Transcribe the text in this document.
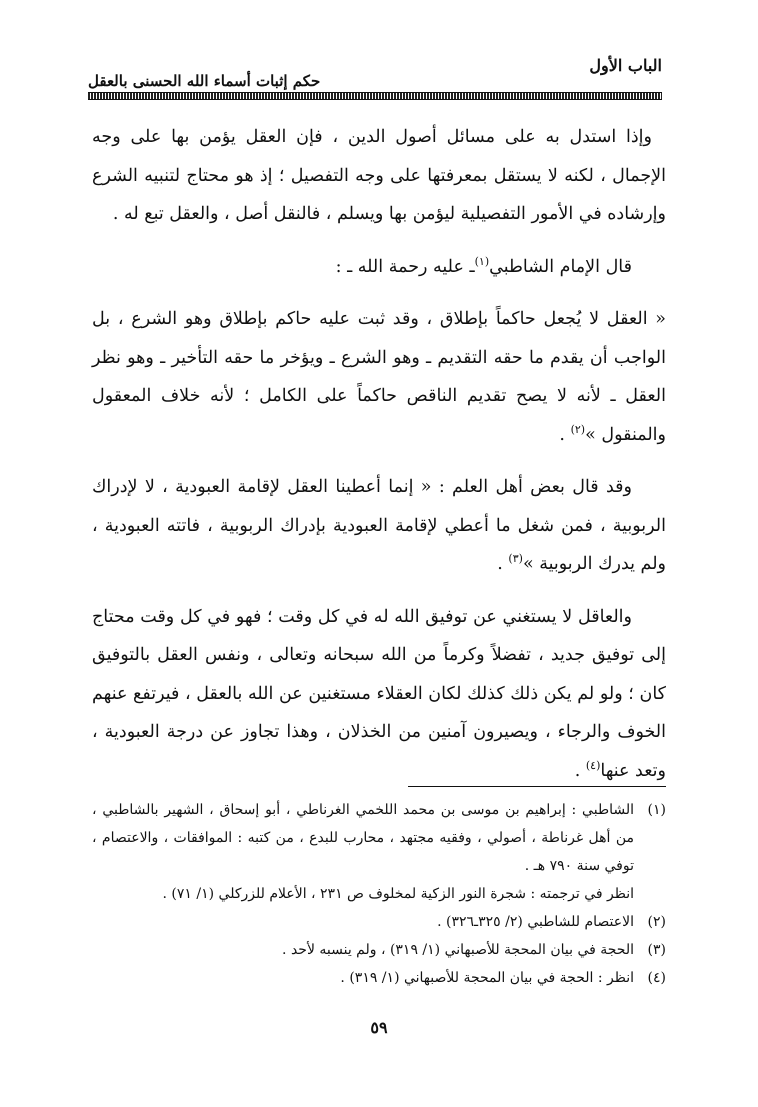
الباب الأول
حكم إثبات أسماء الله الحسنى بالعقل

وإذا استدل به على مسائل أصول الدين ، فإن العقل يؤمن بها على وجه الإجمال ، لكنه لا يستقل بمعرفتها على وجه التفصيل ؛ إذ هو محتاج لتنبيه الشرع وإرشاده في الأمور التفصيلية ليؤمن بها ويسلم ، فالنقل أصل ، والعقل تبع له .

قال الإمام الشاطبي$^{(١)}$ـ عليه رحمة الله ـ :

« العقل لا يُجعل حاكماً بإطلاق ، وقد ثبت عليه حاكم بإطلاق وهو الشرع ، بل الواجب أن يقدم ما حقه التقديم ـ وهو الشرع ـ ويؤخر ما حقه التأخير ـ وهو نظر العقل ـ لأنه لا يصح تقديم الناقص حاكماً على الكامل ؛ لأنه خلاف المعقول والمنقول »$^{(٢)}$ .

وقد قال بعض أهل العلم : « إنما أعطينا العقل لإقامة العبودية ، لا لإدراك الربوبية ، فمن شغل ما أعطي لإقامة العبودية بإدراك الربوبية ، فاتته العبودية ، ولم يدرك الربوبية »$^{(٣)}$ .

والعاقل لا يستغني عن توفيق الله له في كل وقت ؛ فهو في كل وقت محتاج إلى توفيق جديد ، تفضلاً وكرماً من الله سبحانه وتعالى ، ونفس العقل بالتوفيق كان ؛ ولو لم يكن ذلك كذلك لكان العقلاء مستغنين عن الله بالعقل ، فيرتفع عنهم الخوف والرجاء ، ويصيرون آمنين من الخذلان ، وهذا تجاوز عن درجة العبودية ، وتعد عنها$^{(٤)}$ .

(١)
الشاطبي : إبراهيم بن موسى بن محمد اللخمي الغرناطي ، أبو إسحاق ، الشهير بالشاطبي ، من أهل غرناطة ، أصولي ، وفقيه مجتهد ، محارب للبدع ، من كتبه : الموافقات ، والاعتصام ، توفي سنة ٧٩٠ هـ .
انظر في ترجمته : شجرة النور الزكية لمخلوف ص ٢٣١ ، الأعلام للزركلي (١/ ٧١) .
(٢)
الاعتصام للشاطبي (٢/ ٣٢٥ـ٣٢٦) .
(٣)
الحجة في بيان المحجة للأصبهاني (١/ ٣١٩) ، ولم ينسبه لأحد .
(٤)
انظر : الحجة في بيان المحجة للأصبهاني (١/ ٣١٩) .
٥٩
